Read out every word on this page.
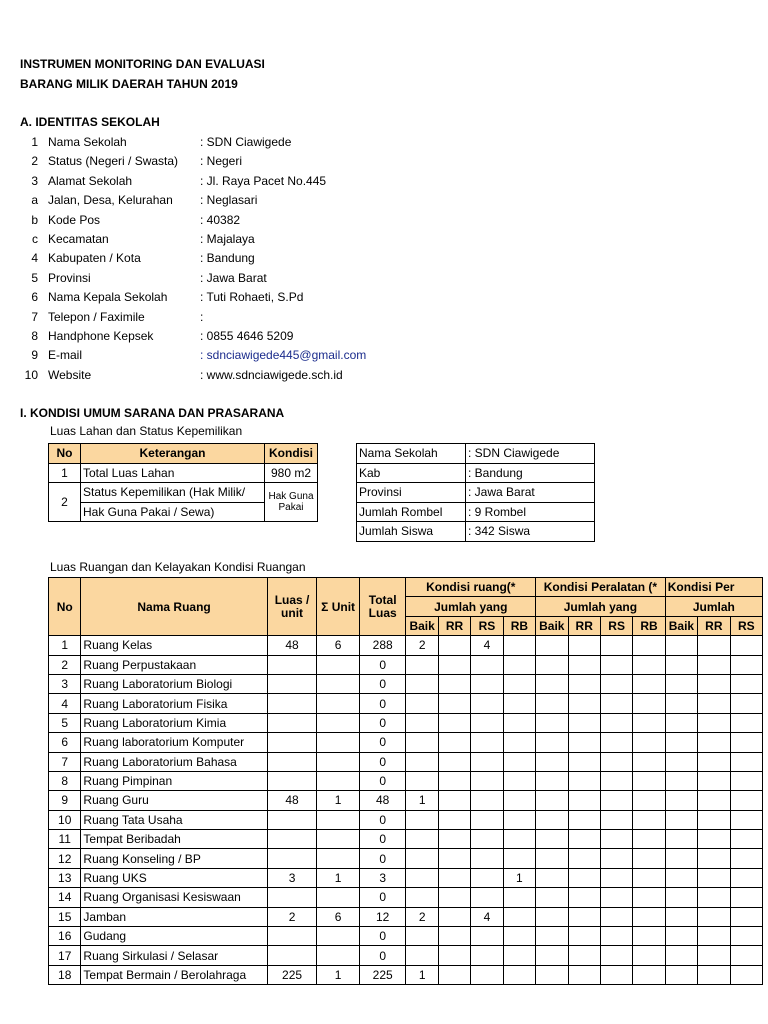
INSTRUMEN MONITORING DAN EVALUASI
BARANG MILIK DAERAH TAHUN 2019
A. IDENTITAS SEKOLAH
1 Nama Sekolah	: SDN Ciawigede
2 Status (Negeri / Swasta)	: Negeri
3 Alamat Sekolah	: Jl. Raya Pacet No.445
a Jalan, Desa, Kelurahan	: Neglasari
b Kode Pos	: 40382
c Kecamatan	: Majalaya
4 Kabupaten / Kota	: Bandung
5 Provinsi	: Jawa Barat
6 Nama Kepala Sekolah	: Tuti Rohaeti, S.Pd
7 Telepon / Faximile	:
8 Handphone Kepsek	: 0855 4646 5209
9 E-mail	: sdnciawigede445@gmail.com
10 Website	: www.sdnciawigede.sch.id
I. KONDISI UMUM SARANA DAN PRASARANA
Luas Lahan dan Status Kepemilikan
No	Keterangan	Kondisi
1	Total Luas Lahan	980 m2
2	Status Kepemilikan (Hak Milik/	Hak Guna Pakai
	Hak Guna Pakai / Sewa)	
Nama Sekolah	: SDN Ciawigede
Kab	: Bandung
Provinsi	: Jawa Barat
Jumlah Rombel	: 9 Rombel
Jumlah Siswa	: 342 Siswa
Luas Ruangan dan Kelayakan Kondisi Ruangan
No	Nama Ruang	Luas / unit	Σ Unit	Total Luas	Kondisi ruang(*				Kondisi Peralatan (*				Kondisi Per		
					Jumlah yang				Jumlah yang				Jumlah		
					Baik	RR	RS	RB	Baik	RR	RS	RB	Baik	RR	RS
1	Ruang Kelas	48	6	288	2		4								
2	Ruang Perpustakaan			0											
3	Ruang Laboratorium Biologi			0											
4	Ruang Laboratorium Fisika			0											
5	Ruang Laboratorium Kimia			0											
6	Ruang laboratorium Komputer			0											
7	Ruang Laboratorium Bahasa			0											
8	Ruang Pimpinan			0											
9	Ruang Guru	48	1	48	1										
10	Ruang Tata Usaha			0											
11	Tempat Beribadah			0											
12	Ruang Konseling / BP			0											
13	Ruang UKS	3	1	3				1							
14	Ruang Organisasi Kesiswaan			0											
15	Jamban	2	6	12	2		4								
16	Gudang			0											
17	Ruang Sirkulasi / Selasar			0											
18	Tempat Bermain / Berolahraga	225	1	225	1										
